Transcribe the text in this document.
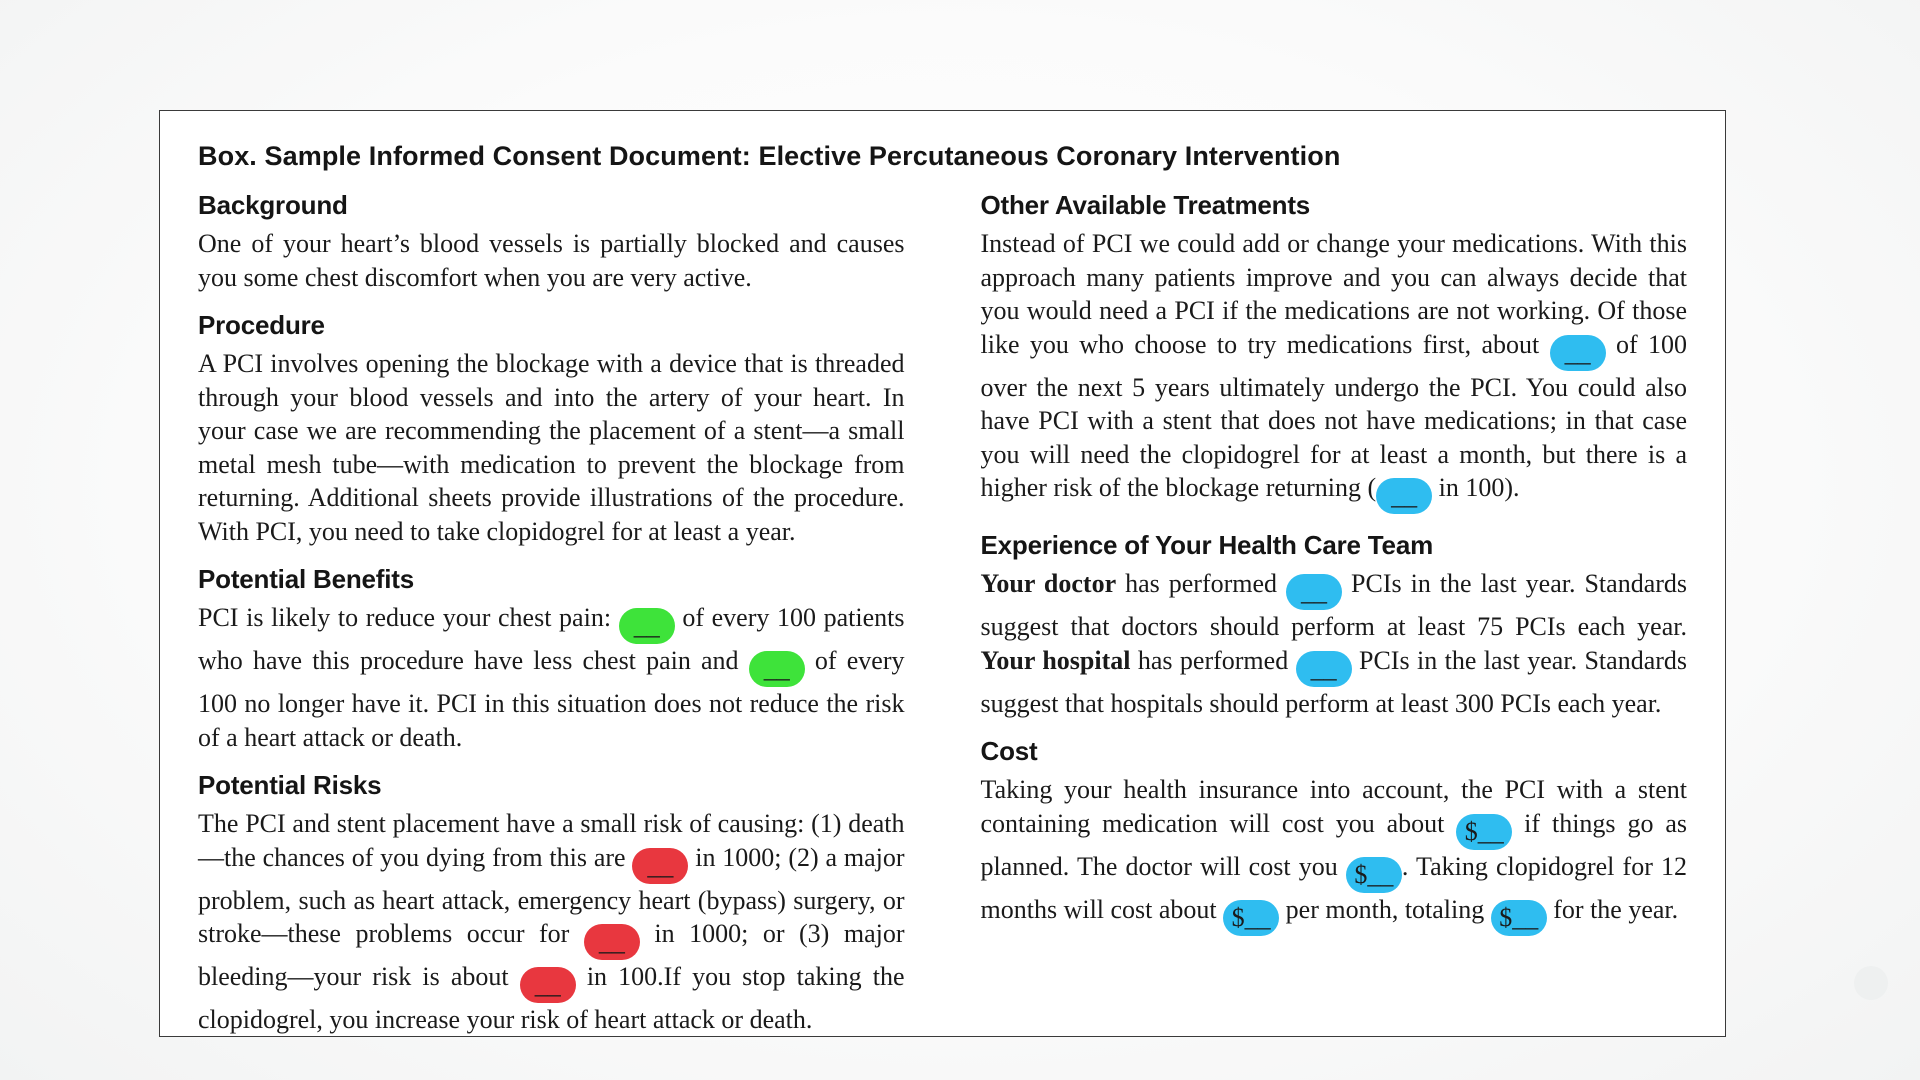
Box. Sample Informed Consent Document: Elective Percutaneous Coronary Intervention
Background

One of your heart’s blood vessels is partially blocked and causes you some chest discomfort when you are very active.

Procedure

A PCI involves opening the blockage with a device that is threaded through your blood vessels and into the artery of your heart. In your case we are recommending the placement of a stent—a small metal mesh tube—with medication to prevent the blockage from returning. Additional sheets provide illustrations of the procedure. With PCI, you need to take clopidogrel for at least a year.

Potential Benefits

PCI is likely to reduce your chest pain: __ of every 100 patients who have this procedure have less chest pain and __ of every 100 no longer have it. PCI in this situation does not reduce the risk of a heart attack or death.

Potential Risks

The PCI and stent placement have a small risk of causing: (1) death—the chances of you dying from this are __ in 1000; (2) a major problem, such as heart attack, emergency heart (bypass) surgery, or stroke—these problems occur for __ in 1000; or (3) major bleeding—your risk is about __ in 100.If you stop taking the clopidogrel, you increase your risk of heart attack or death.

Other Available Treatments

Instead of PCI we could add or change your medications. With this approach many patients improve and you can always decide that you would need a PCI if the medications are not working. Of those like you who choose to try medications first, about __ of 100 over the next 5 years ultimately undergo the PCI. You could also have PCI with a stent that does not have medications; in that case you will need the clopidogrel for at least a month, but there is a higher risk of the blockage returning ( __ in 100).

Experience of Your Health Care Team

Your doctor has performed __ PCIs in the last year. Standards suggest that doctors should perform at least 75 PCIs each year. Your hospital has performed __ PCIs in the last year. Standards suggest that hospitals should perform at least 300 PCIs each year.

Cost

Taking your health insurance into account, the PCI with a stent containing medication will cost you about $__ if things go as planned. The doctor will cost you $__ . Taking clopidogrel for 12 months will cost about $__ per month, totaling $__ for the year.
